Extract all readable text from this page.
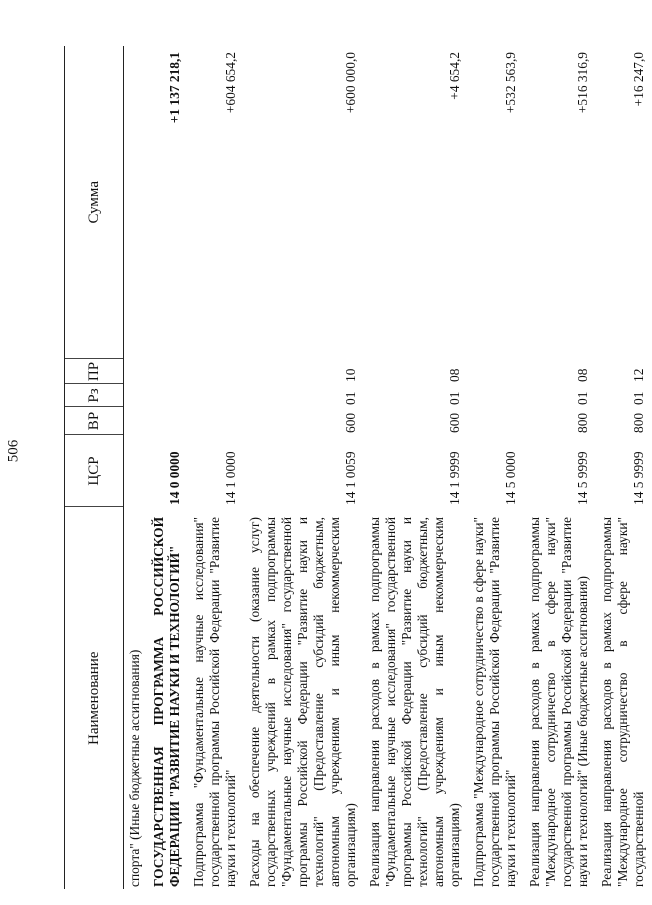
506
Наименование	ЦСР	ВР	Рз	ПР	Сумма
спорта" (Иные бюджетные ассигнования)					
ГОСУДАРСТВЕННАЯ ПРОГРАММА РОССИЙСКОЙ ФЕДЕРАЦИИ "РАЗВИТИЕ НАУКИ И ТЕХНОЛОГИЙ"	14 0 0000				+1 137 218,1
Подпрограмма "Фундаментальные научные исследования" государственной программы Российской Федерации "Развитие науки и технологий"	14 1 0000				+604 654,2
Расходы на обеспечение деятельности (оказание услуг) государственных учреждений в рамках подпрограммы "Фундаментальные научные исследования" государственной программы Российской Федерации "Развитие науки и технологий" (Предоставление субсидий бюджетным, автономным учреждениям и иным некоммерческим организациям)	14 1 0059	600	01	10	+600 000,0
Реализация направления расходов в рамках подпрограммы "Фундаментальные научные исследования" государственной программы Российской Федерации "Развитие науки и технологий" (Предоставление субсидий бюджетным, автономным учреждениям и иным некоммерческим организациям)	14 1 9999	600	01	08	+4 654,2
Подпрограмма "Международное сотрудничество в сфере науки" государственной программы Российской Федерации "Развитие науки и технологий"	14 5 0000				+532 563,9
Реализация направления расходов в рамках подпрограммы "Международное сотрудничество в сфере науки" государственной программы Российской Федерации "Развитие науки и технологий" (Иные бюджетные ассигнования)	14 5 9999	800	01	08	+516 316,9
Реализация направления расходов в рамках подпрограммы "Международное сотрудничество в сфере науки" государственной	14 5 9999	800	01	12	+16 247,0
